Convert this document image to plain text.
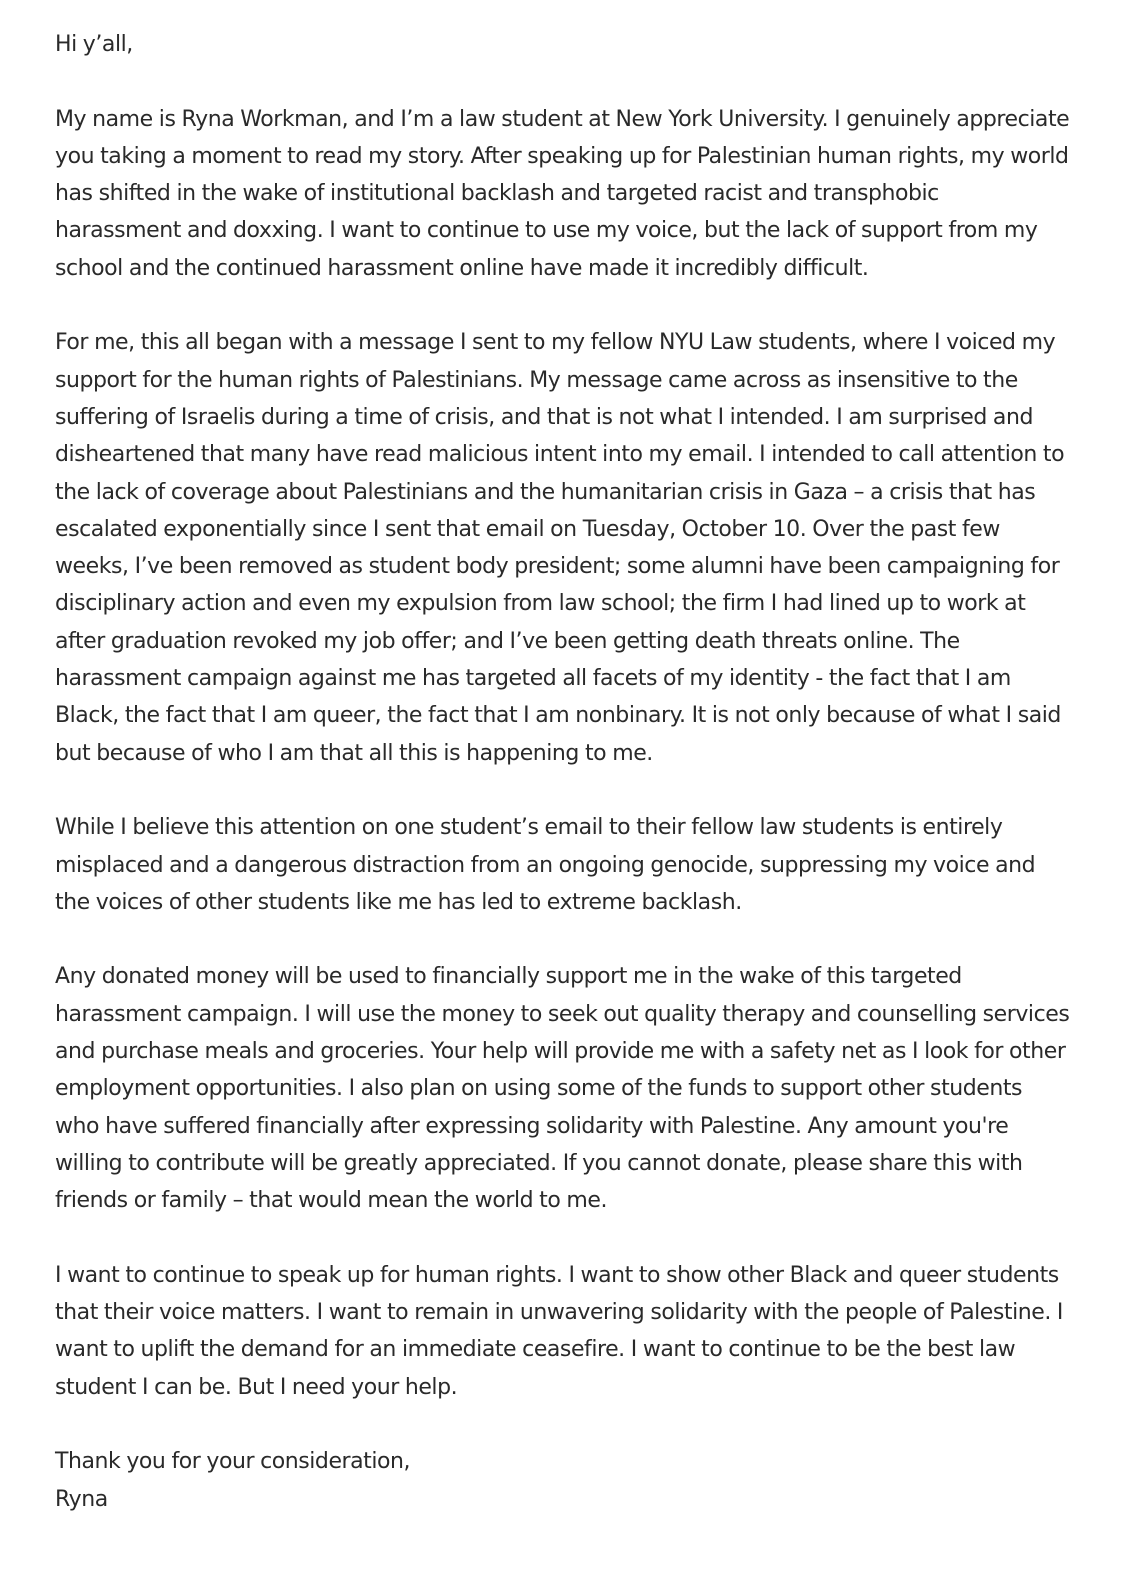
Hi y’all,

My name is Ryna Workman, and I’m a law student at New York University. I genuinely appreciate you taking a moment to read my story. After speaking up for Palestinian human rights, my world has shifted in the wake of institutional backlash and targeted racist and transphobic harassment and doxxing. I want to continue to use my voice, but the lack of support from my school and the continued harassment online have made it incredibly difficult.

For me, this all began with a message I sent to my fellow NYU Law students, where I voiced my support for the human rights of Palestinians. My message came across as insensitive to the suffering of Israelis during a time of crisis, and that is not what I intended. I am surprised and disheartened that many have read malicious intent into my email. I intended to call attention to the lack of coverage about Palestinians and the humanitarian crisis in Gaza – a crisis that has escalated exponentially since I sent that email on Tuesday, October 10. Over the past few weeks, I’ve been removed as student body president; some alumni have been campaigning for disciplinary action and even my expulsion from law school; the firm I had lined up to work at after graduation revoked my job offer; and I’ve been getting death threats online. The harassment campaign against me has targeted all facets of my identity - the fact that I am Black, the fact that I am queer, the fact that I am nonbinary. It is not only because of what I said but because of who I am that all this is happening to me.

While I believe this attention on one student’s email to their fellow law students is entirely misplaced and a dangerous distraction from an ongoing genocide, suppressing my voice and the voices of other students like me has led to extreme backlash.

Any donated money will be used to financially support me in the wake of this targeted harassment campaign. I will use the money to seek out quality therapy and counselling services and purchase meals and groceries. Your help will provide me with a safety net as I look for other employment opportunities. I also plan on using some of the funds to support other students who have suffered financially after expressing solidarity with Palestine. Any amount you're willing to contribute will be greatly appreciated. If you cannot donate, please share this with friends or family – that would mean the world to me.

I want to continue to speak up for human rights. I want to show other Black and queer students that their voice matters. I want to remain in unwavering solidarity with the people of Palestine. I want to uplift the demand for an immediate ceasefire. I want to continue to be the best law student I can be. But I need your help.

Thank you for your consideration,
Ryna
